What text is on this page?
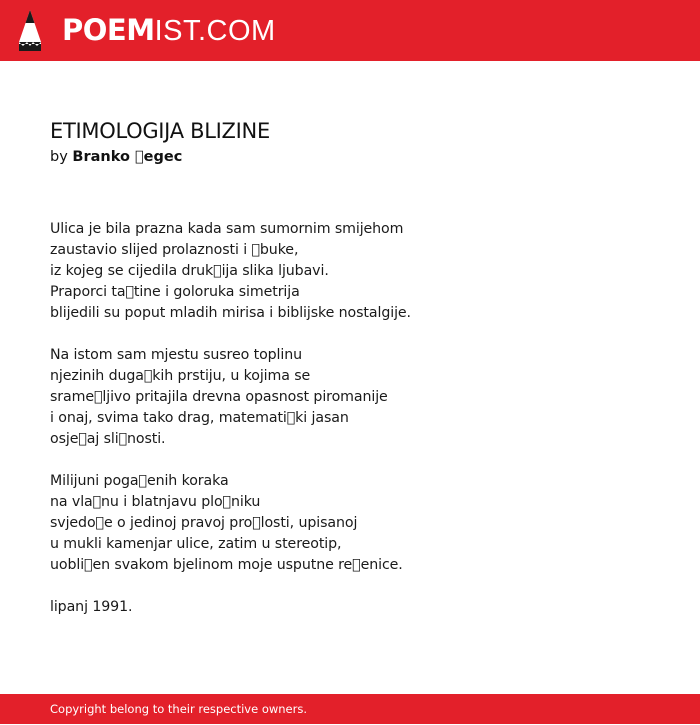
POEMIST.COM
ETIMOLOGIJA BLIZINE
by Branko  egec
Ulica je bila prazna kada sam sumornim smijehom
zaustavio slijed prolaznosti i  buke,
iz kojeg se cijedila druk ija slika ljubavi.
Praporci ta tine i goloruka simetrija
blijedili su poput mladih mirisa i biblijske nostalgije.
Na istom sam mjestu susreo toplinu
njezinih duga kih prstiju, u kojima se
srame ljivo pritajila drevna opasnost piromanije
i onaj, svima tako drag, matemati ki jasan
osje aj sli nosti.
Milijuni poga enih koraka
na vla nu i blatnjavu plo niku
svjedo e o jedinoj pravoj pro losti, upisanoj
u mukli kamenjar ulice, zatim u stereotip,
uobli en svakom bjelinom moje usputne re enice.
lipanj 1991.
Copyright belong to their respective owners.
